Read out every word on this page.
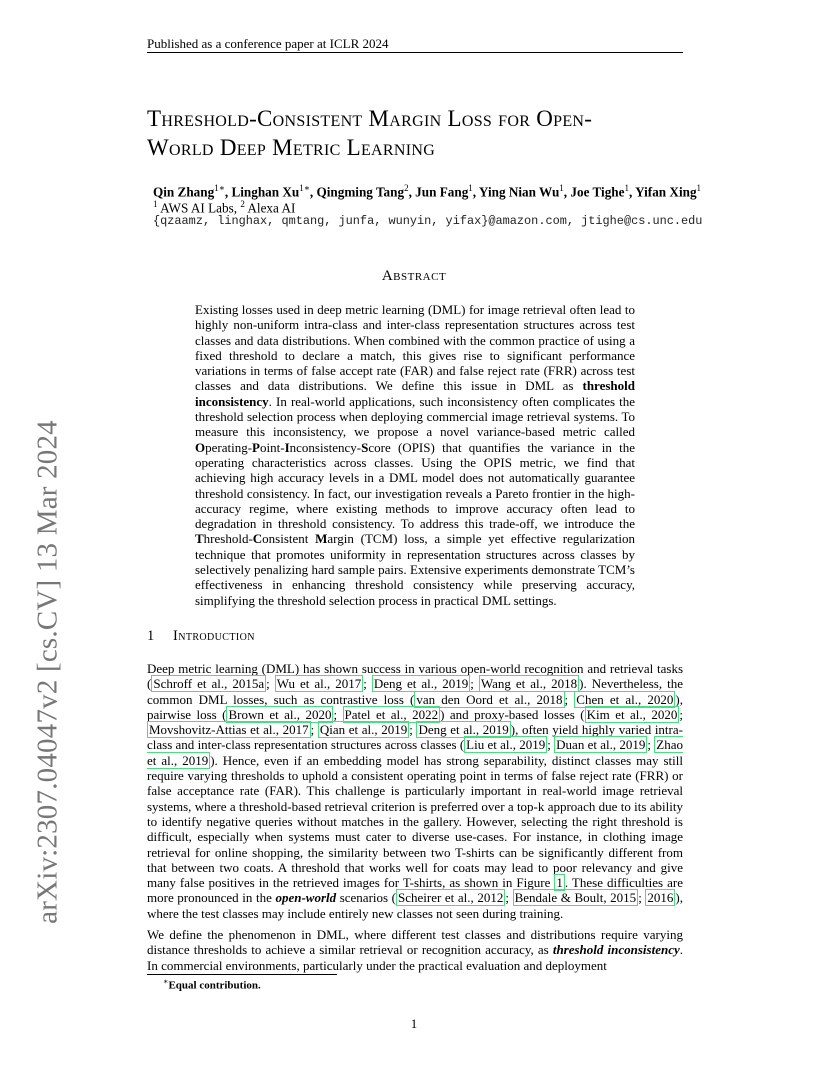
Published as a conference paper at ICLR 2024
arXiv:2307.04047v2 [cs.CV] 13 Mar 2024
Threshold-Consistent Margin Loss for Open-
World Deep Metric Learning
Qin Zhang$^{1∗}$, Linghan $Xu^{1∗}$, Qingming Tang$^2$, Jun Fang$^1$, Ying Nian Wu$^1$, Joe Tighe$^1$, Yifan Xing$^1$
$^1$ AWS AI Labs, $^2$ Alexa AI
{qzaamz, linghax, qmtang, junfa, wunyin, yifax}@amazon.com, jtighe@cs.unc.edu
Abstract
Existing losses used in deep metric learning (DML) for image retrieval often lead to highly non-uniform intra-class and inter-class representation structures across test classes and data distributions. When combined with the common practice of using a fixed threshold to declare a match, this gives rise to significant performance variations in terms of false accept rate (FAR) and false reject rate (FRR) across test classes and data distributions. We define this issue in DML as threshold inconsistency. In real-world applications, such inconsistency often complicates the threshold selection process when deploying commercial image retrieval systems. To measure this inconsistency, we propose a novel variance-based metric called Operating-Point-Inconsistency-Score (OPIS) that quantifies the variance in the operating characteristics across classes. Using the OPIS metric, we find that achieving high accuracy levels in a DML model does not automatically guarantee threshold consistency. In fact, our investigation reveals a Pareto frontier in the high-accuracy regime, where existing methods to improve accuracy often lead to degradation in threshold consistency. To address this trade-off, we introduce the Threshold-Consistent Margin (TCM) loss, a simple yet effective regularization technique that promotes uniformity in representation structures across classes by selectively penalizing hard sample pairs. Extensive experiments demonstrate TCM’s effectiveness in enhancing threshold consistency while preserving accuracy, simplifying the threshold selection process in practical DML settings.
1 Introduction

Deep metric learning (DML) has shown success in various open-world recognition and retrieval tasks ( Schroff et al., 2015a ; Wu et al., 2017 ; Deng et al., 2019 ; Wang et al., 2018 ). Nevertheless, the common DML losses, such as contrastive loss ( van den Oord et al., 2018 ; Chen et al., 2020 ), pairwise loss ( Brown et al., 2020 ; Patel et al., 2022 ) and proxy-based losses ( Kim et al., 2020 ; Movshovitz-Attias et al., 2017 ; Qian et al., 2019 ; Deng et al., 2019 ), often yield highly varied intra-class and inter-class representation structures across classes ( Liu et al., 2019 ; Duan et al., 2019 ; Zhao et al., 2019 ). Hence, even if an embedding model has strong separability, distinct classes may still require varying thresholds to uphold a consistent operating point in terms of false reject rate (FRR) or false acceptance rate (FAR). This challenge is particularly important in real-world image retrieval systems, where a threshold-based retrieval criterion is preferred over a top-k approach due to its ability to identify negative queries without matches in the gallery. However, selecting the right threshold is difficult, especially when systems must cater to diverse use-cases. For instance, in clothing image retrieval for online shopping, the similarity between two T-shirts can be significantly different from that between two coats. A threshold that works well for coats may lead to poor relevancy and give many false positives in the retrieved images for T-shirts, as shown in Figure 1 . These difficulties are more pronounced in the open-world scenarios ( Scheirer et al., 2012 ; Bendale & Boult, 2015 ; 2016 ), where the test classes may include entirely new classes not seen during training.

We define the phenomenon in DML, where different test classes and distributions require varying distance thresholds to achieve a similar retrieval or recognition accuracy, as threshold inconsistency. In commercial environments, particularly under the practical evaluation and deployment

∗Equal contribution.
1
